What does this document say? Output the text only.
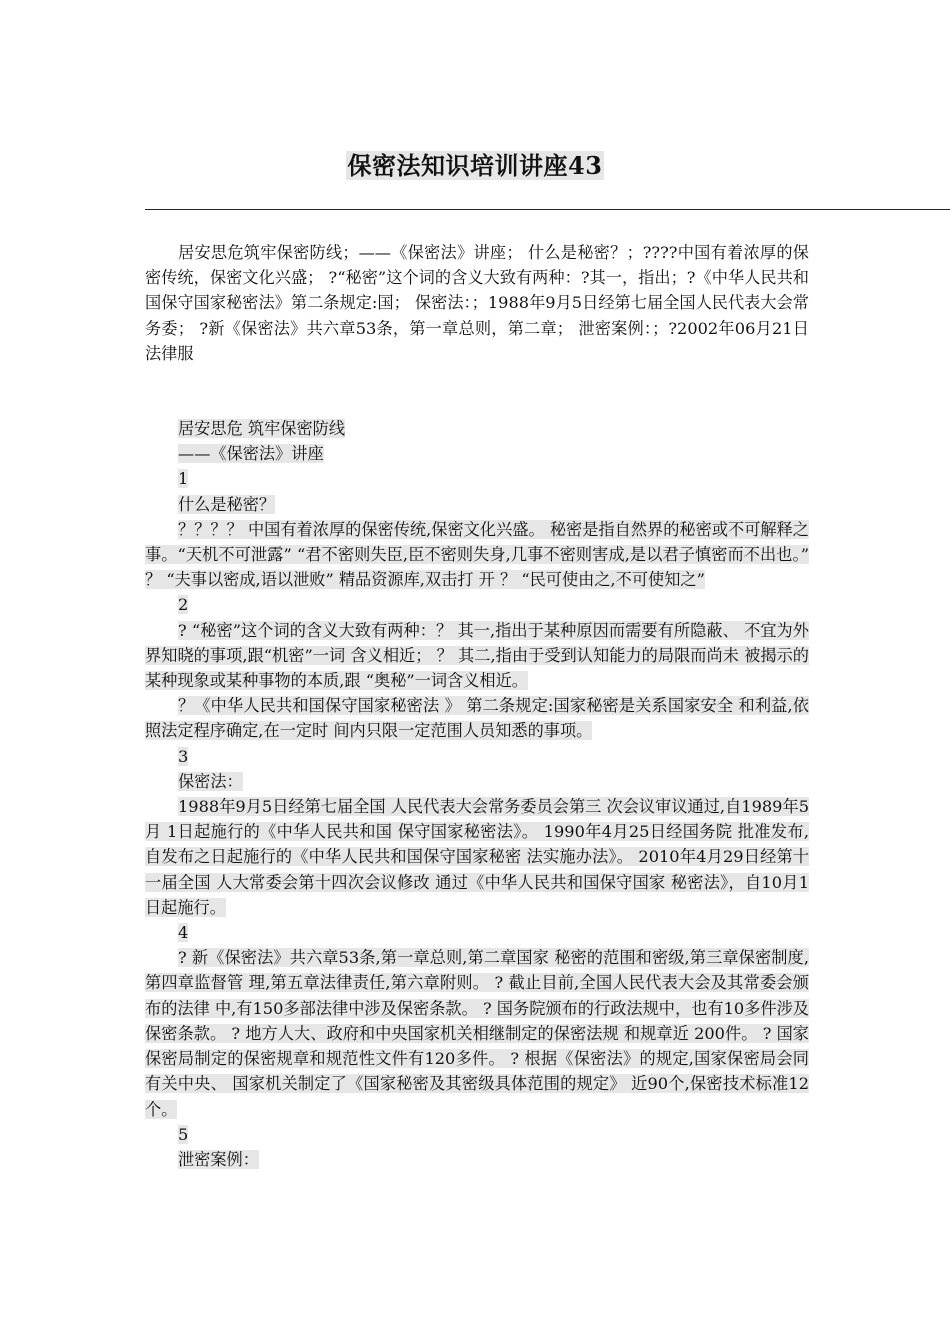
保密法知识培训讲座43

居安思危筑牢保密防线；——《保密法》讲座； 什么是秘密？；????中国有着浓厚的保密传统，保密文化兴盛； ?“秘密”这个词的含义大致有两种：?其一，指出；?《中华人民共和国保守国家秘密法》第二条规定:国； 保密法：；1988年9月5日经第七届全国人民代表大会常务委； ?新《保密法》共六章53条，第一章总则，第二章； 泄密案例：；?2002年06月21日法律服

居安思危 筑牢保密防线

——《保密法》讲座

1

什么是秘密？

？？？？ 中国有着浓厚的保密传统,保密文化兴盛。 秘密是指自然界的秘密或不可解释之事。“天机不可泄露” “君不密则失臣,臣不密则失身,几事不密则害成,是以君子慎密而不出也。” ？ “夫事以密成,语以泄败” 精品资源库,双击打 开 ？ “民可使由之,不可使知之”

2

? “秘密”这个词的含义大致有两种：？ 其一,指出于某种原因而需要有所隐蔽、 不宜为外界知晓的事项,跟“机密”一词 含义相近； ？ 其二,指由于受到认知能力的局限而尚未 被揭示的某种现象或某种事物的本质,跟 “奥秘”一词含义相近。

？《中华人民共和国保守国家秘密法 》 第二条规定:国家秘密是关系国家安全 和利益,依照法定程序确定,在一定时 间内只限一定范围人员知悉的事项。

3

保密法：

1988年9月5日经第七届全国 人民代表大会常务委员会第三 次会议审议通过,自1989年5月 1日起施行的《中华人民共和国 保守国家秘密法》。 1990年4月25日经国务院 批准发布,自发布之日起施行的《中华人民共和国保守国家秘密 法实施办法》。 2010年4月29日经第十一届全国 人大常委会第十四次会议修改 通过《中华人民共和国保守国家 秘密法》，自10月1日起施行。

4

? 新《保密法》共六章53条,第一章总则,第二章国家 秘密的范围和密级,第三章保密制度,第四章监督管 理,第五章法律责任,第六章附则。 ? 截止目前,全国人民代表大会及其常委会颁布的法律 中,有150多部法律中涉及保密条款。 ? 国务院颁布的行政法规中，也有10多件涉及保密条款。 ? 地方人大、政府和中央国家机关相继制定的保密法规 和规章近 200件。 ? 国家保密局制定的保密规章和规范性文件有120多件。 ? 根据《保密法》的规定,国家保密局会同有关中央、 国家机关制定了《国家秘密及其密级具体范围的规定》 近90个,保密技术标准12个。

5

泄密案例：
